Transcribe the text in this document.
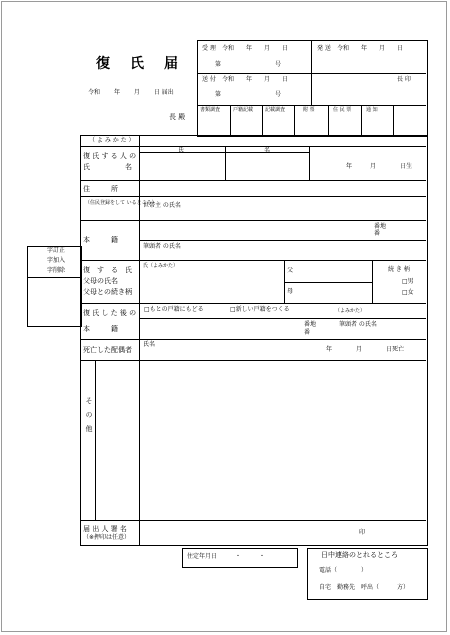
復　氏　届
令和　　 年　　 月　　 日 届出
長 殿
受 理　 令和　　 年　　 月　　 日
第　　　　　　　　　	号
発 送　 令和　　 年　　 月　　 日
送 付　 令和　　 年　　 月　　 日
第　　　　　　　　　	号
長 印
書類調査	戸籍記載 記載調査	附 票	住 民 票	通 知
字訂正
字加入
字削除
（ よ み か た ）
復 氏 す る 人 の
氏　　　　　名
氏	名
年　　　	月　　　　	日生
住　　　所
（住民登録をして いるところ）
世帯主 の氏名
本　　　籍
番地
番
筆頭者 の氏名
復　す　る　氏
父母の氏名
父母との続き柄
氏（よみかた）
父
母
続 き 柄
□男
□女
復 氏 し た 後 の
本　　　籍
□もとの戸籍にもどる	□新しい戸籍をつくる	（よみかた）
番地
番
筆頭者 の氏名
死亡した配偶者
氏名
年　　　　	月　　　　	日死亡
そ　の　他
届 出 人 署 名
（※押印は任意）
印
住定年月日　　　・　　　・	日中連絡のとれるところ
電話（　　　　）
自宅　勤務先　呼出（　　　方）
